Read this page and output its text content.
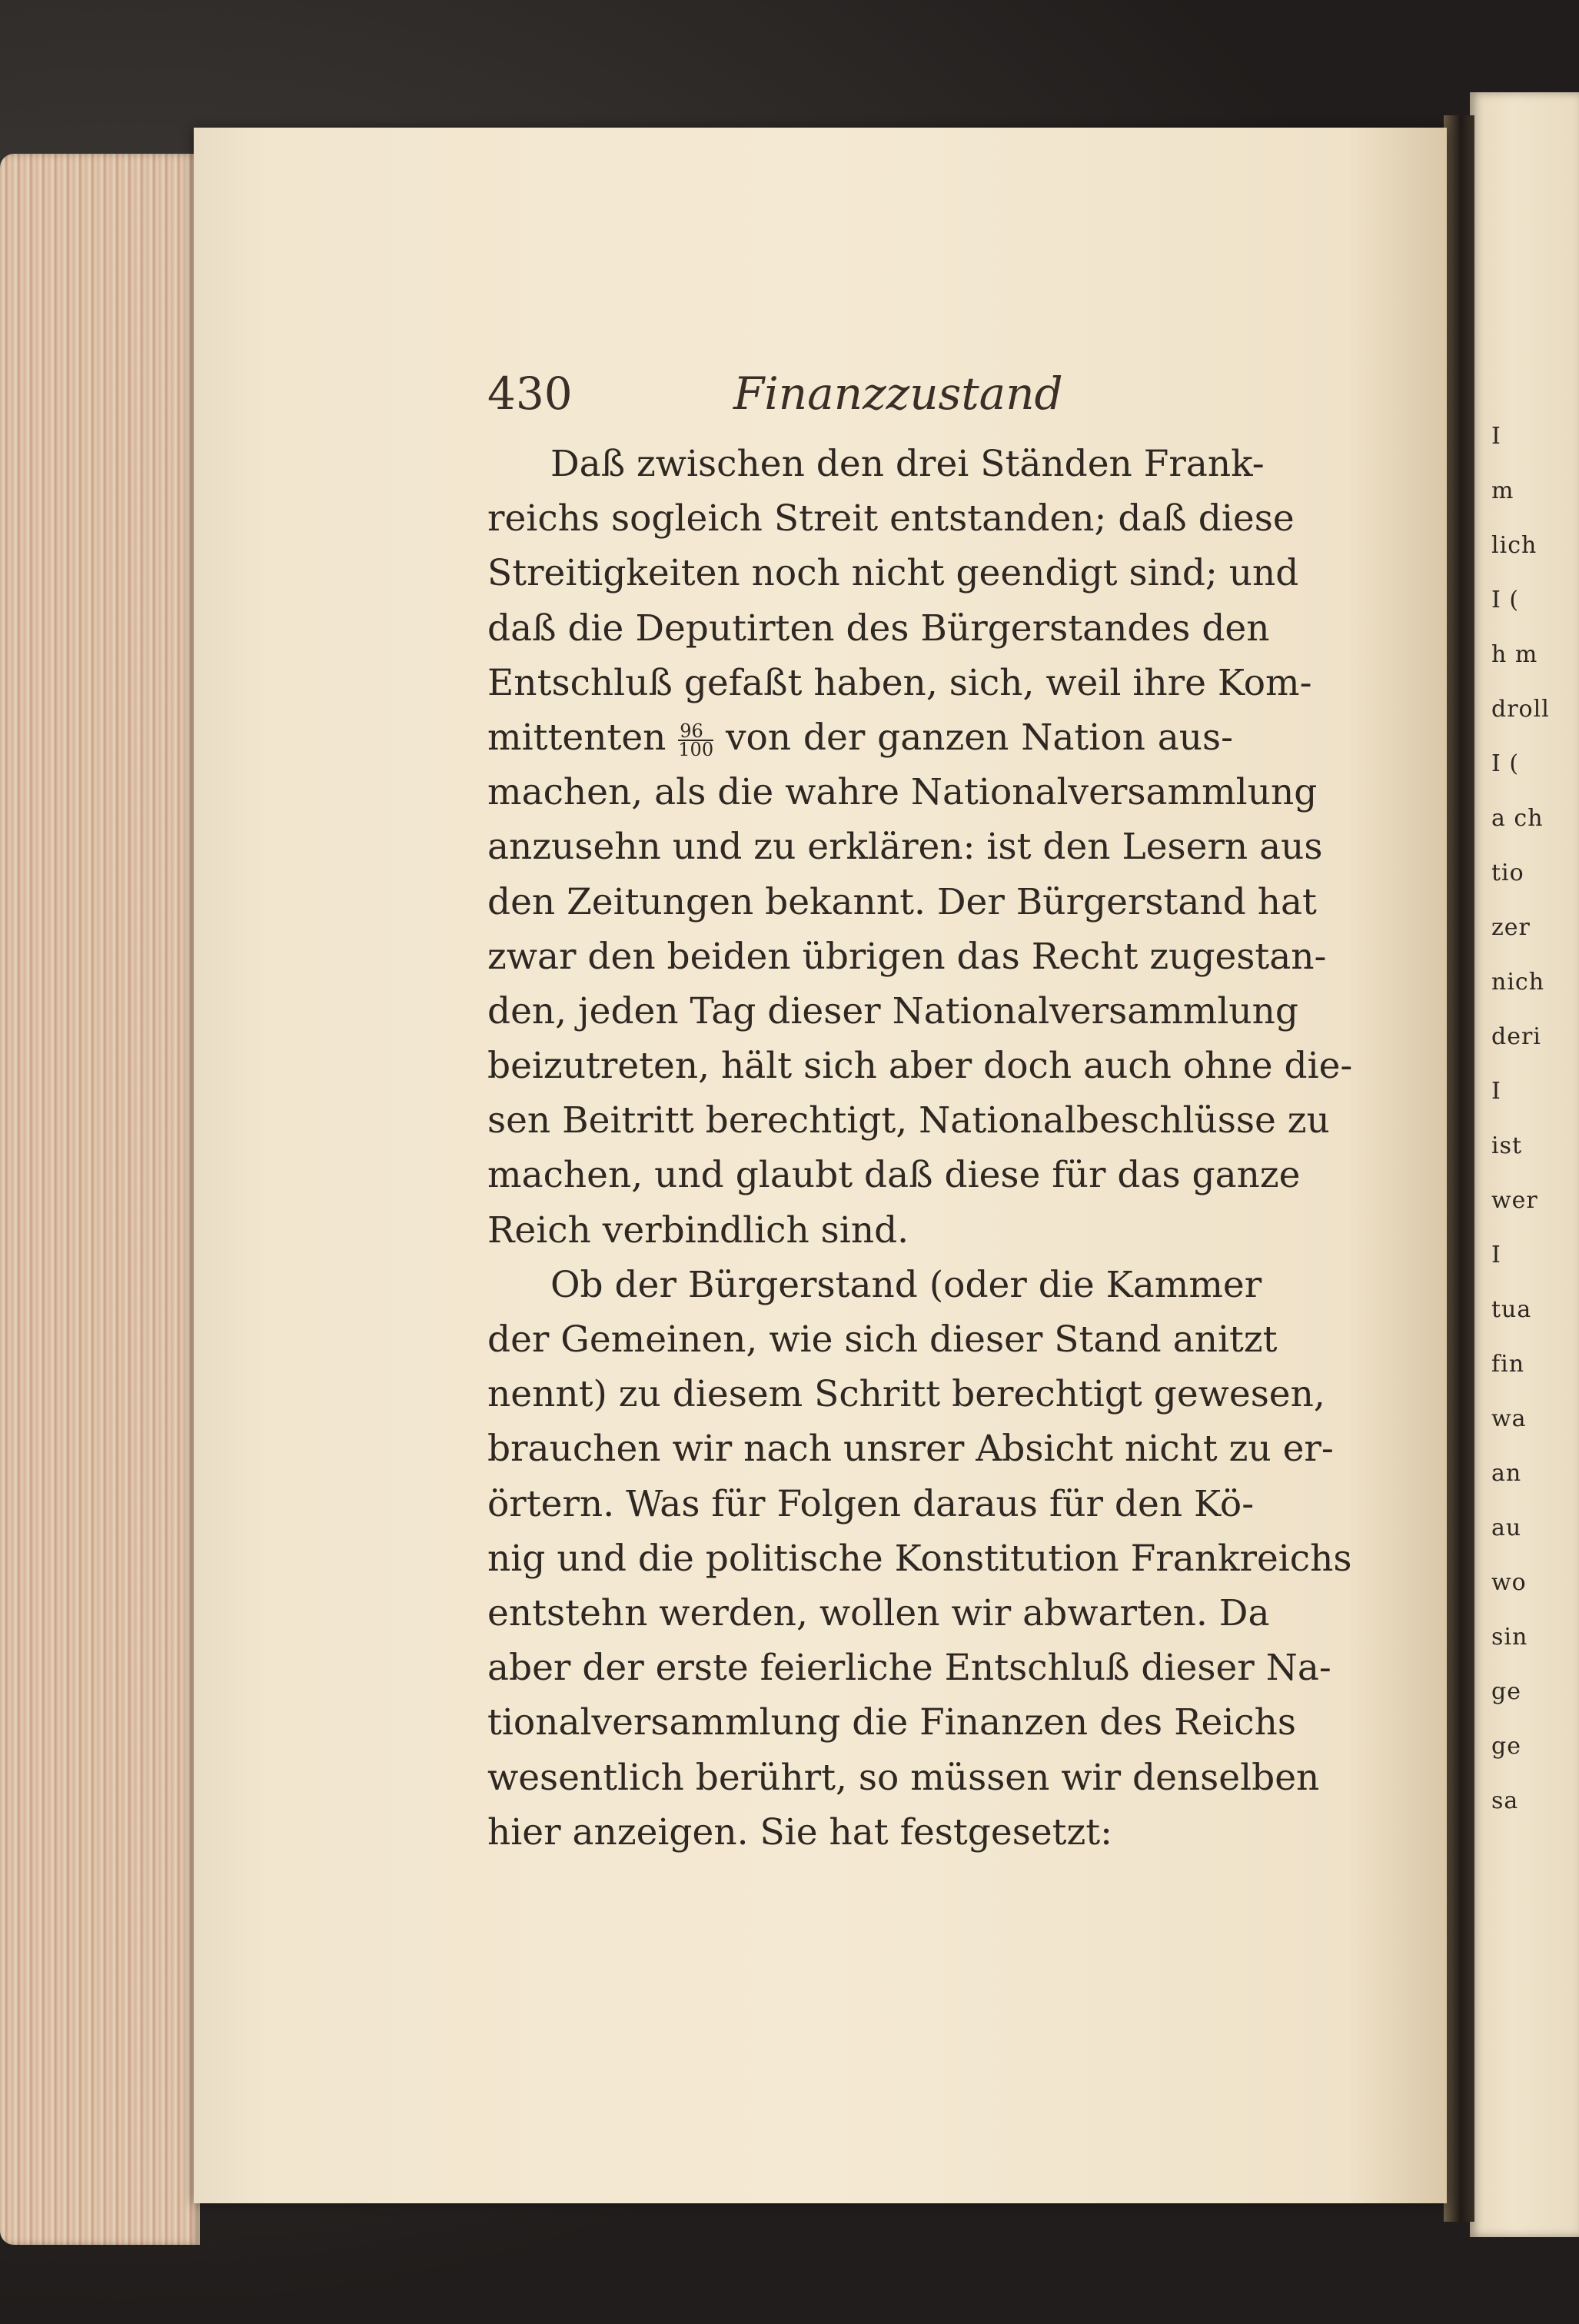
I
m
lich
I (
h m
droll
I (
a ch
tio
zer
nich
deri
I
ist
wer
I
tua
fin
wa
an
au
wo
sin
ge
ge
sa
430	Finanzzustand
Daß zwischen den drei Ständen Frank-
reichs sogleich Streit entstanden; daß diese
Streitigkeiten noch nicht geendigt sind; und
daß die Deputirten des Bürgerstandes den
Entschluß gefaßt haben, sich, weil ihre Kom-
mittenten $\frac{96}{100}$ von der ganzen Nation aus-
machen, als die wahre Nationalversammlung
anzusehn und zu erklären: ist den Lesern aus
den Zeitungen bekannt. Der Bürgerstand hat
zwar den beiden übrigen das Recht zugestan-
den, jeden Tag dieser Nationalversammlung
beizutreten, hält sich aber doch auch ohne die-
sen Beitritt berechtigt, Nationalbeschlüsse zu
machen, und glaubt daß diese für das ganze
Reich verbindlich sind.
Ob der Bürgerstand (oder die Kammer
der Gemeinen, wie sich dieser Stand anitzt
nennt) zu diesem Schritt berechtigt gewesen,
brauchen wir nach unsrer Absicht nicht zu er-
örtern. Was für Folgen daraus für den Kö-
nig und die politische Konstitution Frankreichs
entstehn werden, wollen wir abwarten. Da
aber der erste feierliche Entschluß dieser Na-
tionalversammlung die Finanzen des Reichs
wesentlich berührt, so müssen wir denselben
hier anzeigen. Sie hat festgesetzt:
